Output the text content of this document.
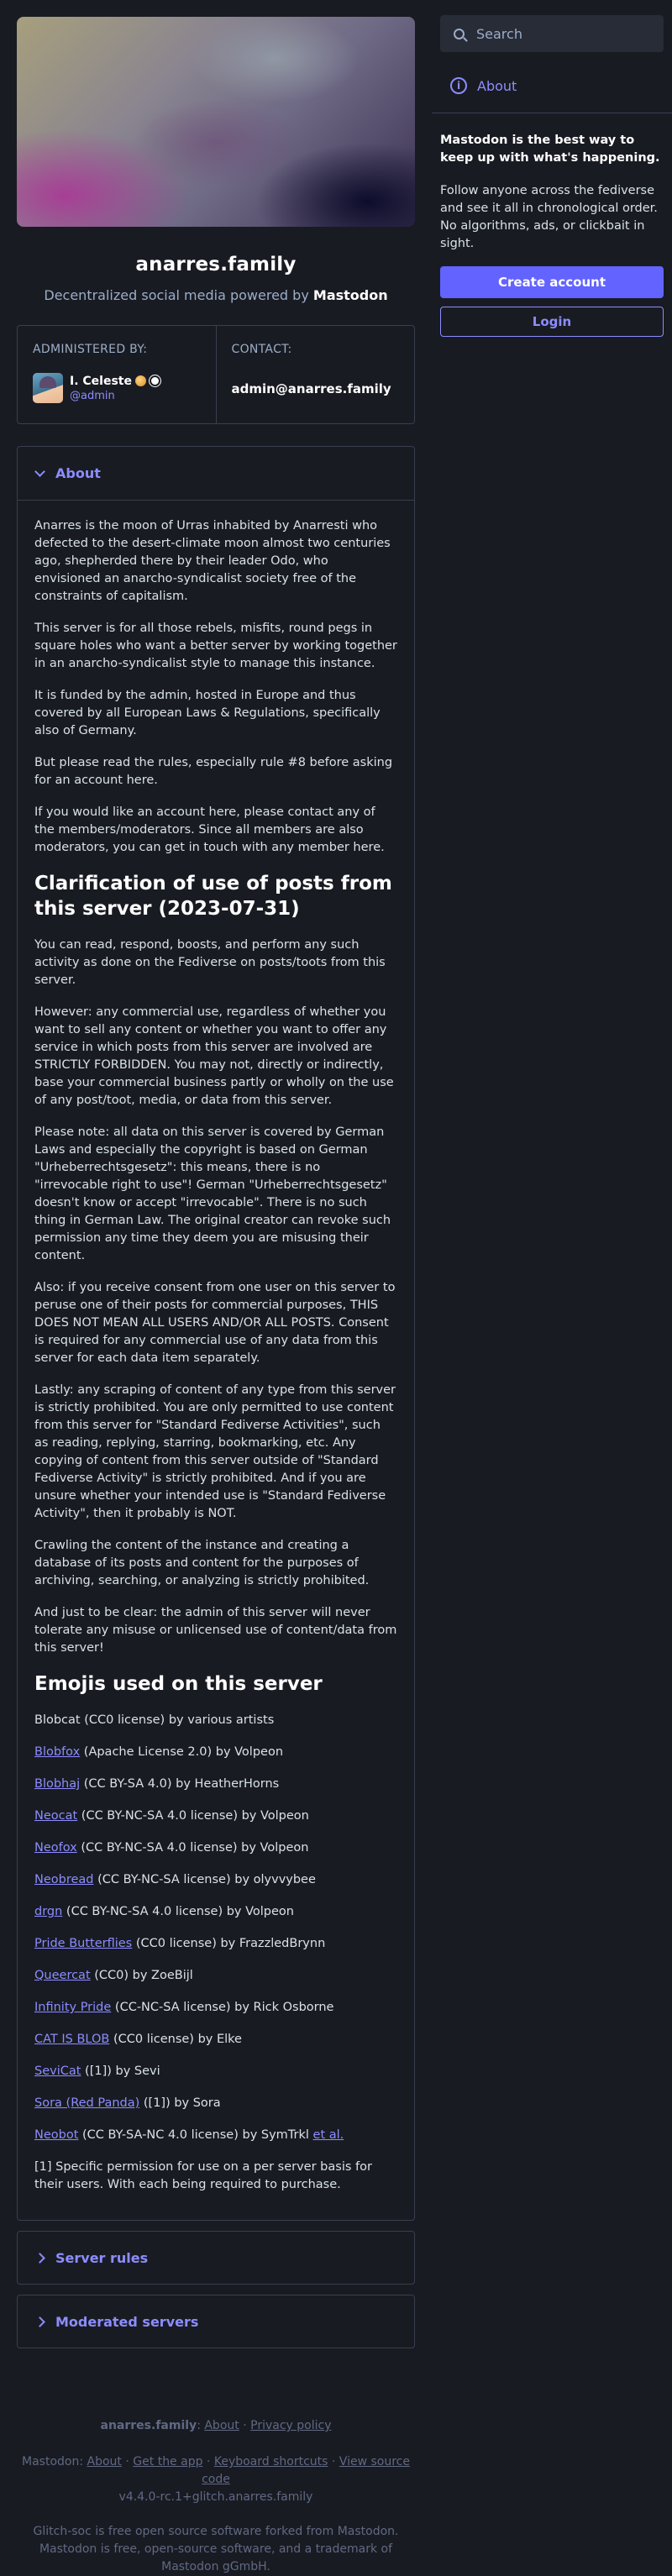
anarres.family
Decentralized social media powered by Mastodon
ADMINISTERED BY:
I. Celeste
@admin
CONTACT:
admin@anarres.family
About

Anarres is the moon of Urras inhabited by Anarresti who defected to the desert-climate moon almost two centuries ago, shepherded there by their leader Odo, who envisioned an anarcho-syndicalist society free of the constraints of capitalism.

This server is for all those rebels, misfits, round pegs in square holes who want a better server by working together in an anarcho-syndicalist style to manage this instance.

It is funded by the admin, hosted in Europe and thus covered by all European Laws & Regulations, specifically also of Germany.

But please read the rules, especially rule #8 before asking for an account here.

If you would like an account here, please contact any of the members/moderators. Since all members are also moderators, you can get in touch with any member here.

Clarification of use of posts from this server (2023-07-31)

You can read, respond, boosts, and perform any such activity as done on the Fediverse on posts/toots from this server.

However: any commercial use, regardless of whether you want to sell any content or whether you want to offer any service in which posts from this server are involved are STRICTLY FORBIDDEN. You may not, directly or indirectly, base your commercial business partly or wholly on the use of any post/toot, media, or data from this server.

Please note: all data on this server is covered by German Laws and especially the copyright is based on German "Urheberrechtsgesetz": this means, there is no "irrevocable right to use"! German "Urheberrechtsgesetz" doesn't know or accept "irrevocable". There is no such thing in German Law. The original creator can revoke such permission any time they deem you are misusing their content.

Also: if you receive consent from one user on this server to peruse one of their posts for commercial purposes, THIS DOES NOT MEAN ALL USERS AND/OR ALL POSTS. Consent is required for any commercial use of any data from this server for each data item separately.

Lastly: any scraping of content of any type from this server is strictly prohibited. You are only permitted to use content from this server for "Standard Fediverse Activities", such as reading, replying, starring, bookmarking, etc. Any copying of content from this server outside of "Standard Fediverse Activity" is strictly prohibited. And if you are unsure whether your intended use is "Standard Fediverse Activity", then it probably is NOT.

Crawling the content of the instance and creating a database of its posts and content for the purposes of archiving, searching, or analyzing is strictly prohibited.

And just to be clear: the admin of this server will never tolerate any misuse or unlicensed use of content/data from this server!

Emojis used on this server

Blobcat (CC0 license) by various artists

Blobfox (Apache License 2.0) by Volpeon

Blobhaj (CC BY-SA 4.0) by HeatherHorns

Neocat (CC BY-NC-SA 4.0 license) by Volpeon

Neofox (CC BY-NC-SA 4.0 license) by Volpeon

Neobread (CC BY-NC-SA license) by olyvvybee

drgn (CC BY-NC-SA 4.0 license) by Volpeon

Pride Butterflies (CC0 license) by FrazzledBrynn

Queercat (CC0) by ZoeBijl

Infinity Pride (CC-NC-SA license) by Rick Osborne

CAT IS BLOB (CC0 license) by Elke

SeviCat ([1]) by Sevi

Sora (Red Panda) ([1]) by Sora

Neobot (CC BY-SA-NC 4.0 license) by SymTrkl et al.

[1] Specific permission for use on a per server basis for their users. With each being required to purchase.

Server rules
Moderated servers
anarres.family: About · Privacy policy
Mastodon: About · Get the app · Keyboard shortcuts · View source code
v4.4.0-rc.1+glitch.anarres.family
Glitch-soc is free open source software forked from Mastodon.
Mastodon is free, open-source software, and a trademark of Mastodon gGmbH.
Search
i	About
Mastodon is the best way to keep up with what's happening.
Follow anyone across the fediverse and see it all in chronological order. No algorithms, ads, or clickbait in sight.
Create account
Login
